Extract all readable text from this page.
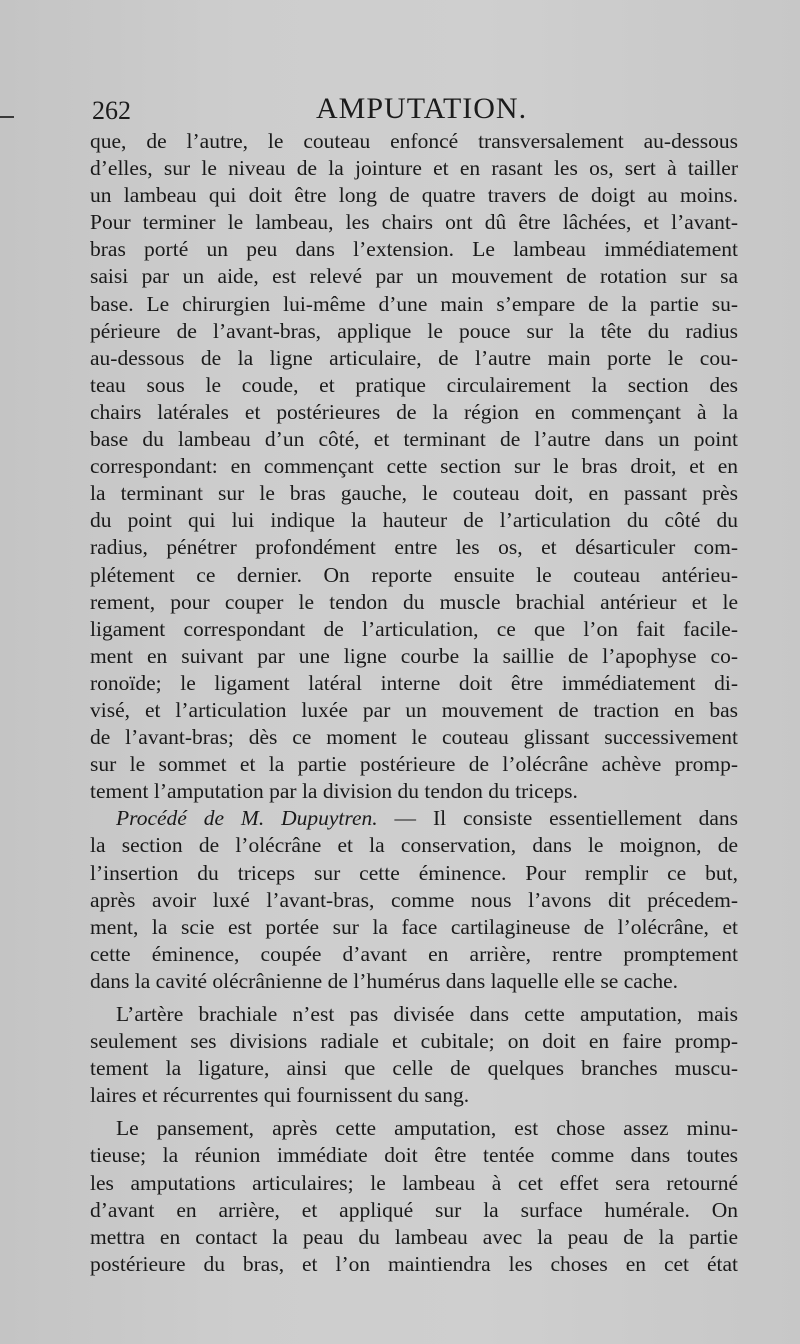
262	AMPUTATION.
que, de l’autre, le couteau enfoncé transversalement au-dessous
d’elles, sur le niveau de la jointure et en rasant les os, sert à tailler
un lambeau qui doit être long de quatre travers de doigt au moins.
Pour terminer le lambeau, les chairs ont dû être lâchées, et l’avant-
bras porté un peu dans l’extension. Le lambeau immédiatement
saisi par un aide, est relevé par un mouvement de rotation sur sa
base. Le chirurgien lui-même d’une main s’empare de la partie su-
périeure de l’avant-bras, applique le pouce sur la tête du radius
au-dessous de la ligne articulaire, de l’autre main porte le cou-
teau sous le coude, et pratique circulairement la section des
chairs latérales et postérieures de la région en commençant à la
base du lambeau d’un côté, et terminant de l’autre dans un point
correspondant: en commençant cette section sur le bras droit, et en
la terminant sur le bras gauche, le couteau doit, en passant près
du point qui lui indique la hauteur de l’articulation du côté du
radius, pénétrer profondément entre les os, et désarticuler com-
plétement ce dernier. On reporte ensuite le couteau antérieu-
rement, pour couper le tendon du muscle brachial antérieur et le
ligament correspondant de l’articulation, ce que l’on fait facile-
ment en suivant par une ligne courbe la saillie de l’apophyse co-
ronoïde; le ligament latéral interne doit être immédiatement di-
visé, et l’articulation luxée par un mouvement de traction en bas
de l’avant-bras; dès ce moment le couteau glissant successivement
sur le sommet et la partie postérieure de l’olécrâne achève promp-
tement l’amputation par la division du tendon du triceps.
Procédé de M. Dupuytren. — Il consiste essentiellement dans
la section de l’olécrâne et la conservation, dans le moignon, de
l’insertion du triceps sur cette éminence. Pour remplir ce but,
après avoir luxé l’avant-bras, comme nous l’avons dit précedem-
ment, la scie est portée sur la face cartilagineuse de l’olécrâne, et
cette éminence, coupée d’avant en arrière, rentre promptement
dans la cavité olécrânienne de l’humérus dans laquelle elle se cache.
L’artère brachiale n’est pas divisée dans cette amputation, mais
seulement ses divisions radiale et cubitale; on doit en faire promp-
tement la ligature, ainsi que celle de quelques branches muscu-
laires et récurrentes qui fournissent du sang.
Le pansement, après cette amputation, est chose assez minu-
tieuse; la réunion immédiate doit être tentée comme dans toutes
les amputations articulaires; le lambeau à cet effet sera retourné
d’avant en arrière, et appliqué sur la surface humérale. On
mettra en contact la peau du lambeau avec la peau de la partie
postérieure du bras, et l’on maintiendra les choses en cet état
